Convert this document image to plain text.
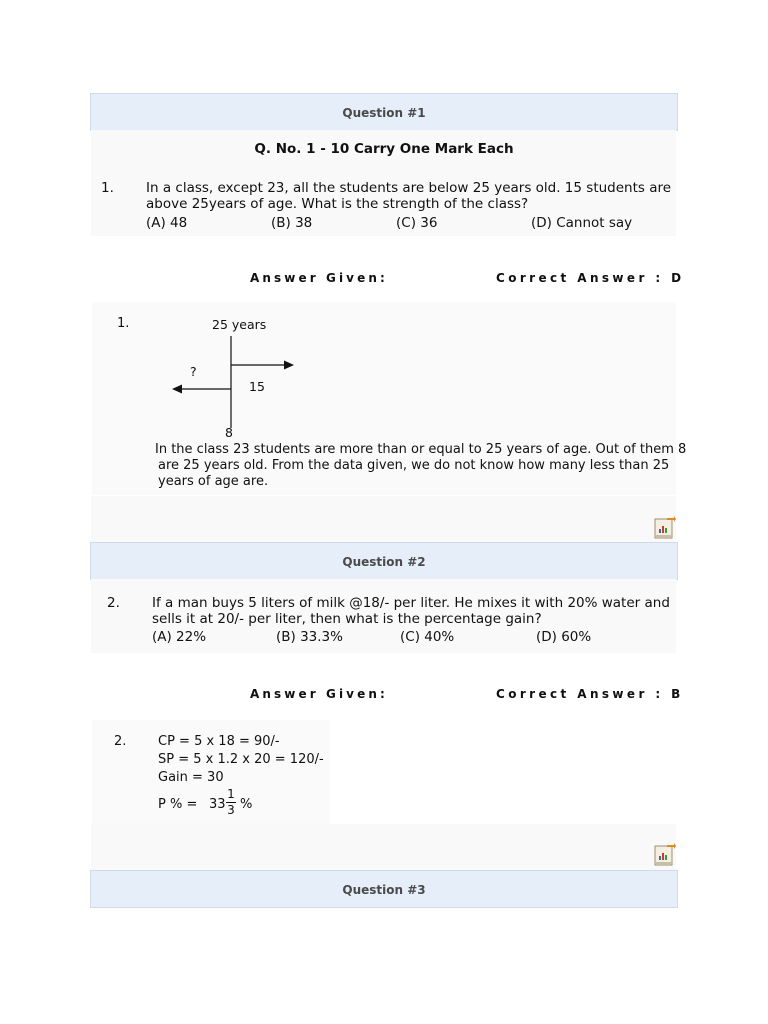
Question #1
Q. No. 1 - 10 Carry One Mark Each
1. In a class, except 23, all the students are below 25 years old. 15 students are
above 25years of age. What is the strength of the class?
(A) 48	(B) 38	(C) 36	(D) Cannot say
Answer Given:	Correct Answer : D
1.	25 years
?
15
8
In the class 23 students are more than or equal to 25 years of age. Out of them 8
are 25 years old. From the data given, we do not know how many less than 25
years of age are.
Question #2
2. If a man buys 5 liters of milk @18/- per liter. He mixes it with 20% water and
sells it at 20/- per liter, then what is the percentage gain?
(A) 22%	(B) 33.3%	(C) 40%	(D) 60%
Answer Given:	Correct Answer : B
2. CP = 5 x 18 = 90/-
SP = 5 x 1.2 x 20 = 120/-
Gain = 30
P % = 33
1
3 %
Question #3
